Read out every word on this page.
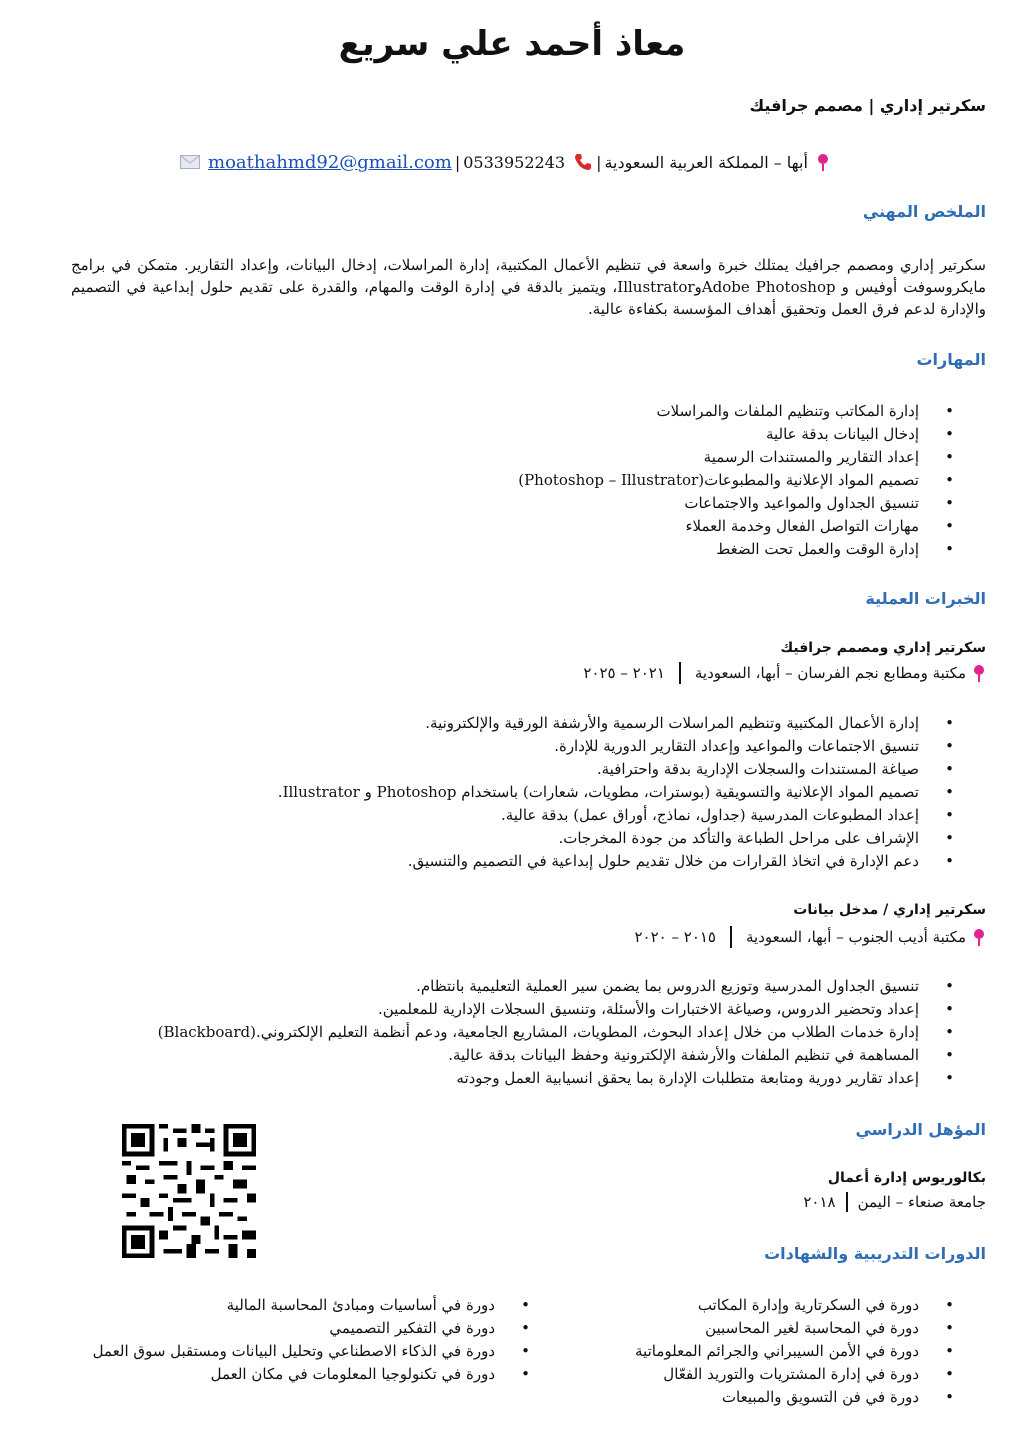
معاذ أحمد علي سريع
سكرتير إداري | مصمم جرافيك
أبها – المملكة العربية السعودية
|
0533952243
|
moathahmd92@gmail.com
الملخص المهني
سكرتير إداري ومصمم جرافيك يمتلك خبرة واسعة في تنظيم الأعمال المكتبية، إدارة المراسلات، إدخال البيانات، وإعداد التقارير. متمكن في برامج مايكروسوفت أوفيس و Adobe PhotoshopوIllustrator، ويتميز بالدقة في إدارة الوقت والمهام، والقدرة على تقديم حلول إبداعية في التصميم والإدارة لدعم فرق العمل وتحقيق أهداف المؤسسة بكفاءة عالية.
المهارات
• إدارة المكاتب وتنظيم الملفات والمراسلات
• إدخال البيانات بدقة عالية
• إعداد التقارير والمستندات الرسمية
• تصميم المواد الإعلانية والمطبوعات(Photoshop – Illustrator)
• تنسيق الجداول والمواعيد والاجتماعات
• مهارات التواصل الفعال وخدمة العملاء
• إدارة الوقت والعمل تحت الضغط
الخبرات العملية
سكرتير إداري ومصمم جرافيك
مكتبة ومطابع نجم الفرسان – أبها، السعودية
٢٠٢١ – ٢٠٢٥
• إدارة الأعمال المكتبية وتنظيم المراسلات الرسمية والأرشفة الورقية والإلكترونية.
• تنسيق الاجتماعات والمواعيد وإعداد التقارير الدورية للإدارة.
• صياغة المستندات والسجلات الإدارية بدقة واحترافية.
• تصميم المواد الإعلانية والتسويقية (بوسترات، مطويات، شعارات) باستخدام Photoshop و Illustrator.
• إعداد المطبوعات المدرسية (جداول، نماذج، أوراق عمل) بدقة عالية.
• الإشراف على مراحل الطباعة والتأكد من جودة المخرجات.
• دعم الإدارة في اتخاذ القرارات من خلال تقديم حلول إبداعية في التصميم والتنسيق.
سكرتير إداري / مدخل بيانات
مكتبة أديب الجنوب – أبها، السعودية
٢٠١٥ – ٢٠٢٠
• تنسيق الجداول المدرسية وتوزيع الدروس بما يضمن سير العملية التعليمية بانتظام.
• إعداد وتحضير الدروس، وصياغة الاختبارات والأسئلة، وتنسيق السجلات الإدارية للمعلمين.
• إدارة خدمات الطلاب من خلال إعداد البحوث، المطويات، المشاريع الجامعية، ودعم أنظمة التعليم الإلكتروني.(Blackboard)
• المساهمة في تنظيم الملفات والأرشفة الإلكترونية وحفظ البيانات بدقة عالية.
• إعداد تقارير دورية ومتابعة متطلبات الإدارة بما يحقق انسيابية العمل وجودته
المؤهل الدراسي
بكالوريوس إدارة أعمال
جامعة صنعاء – اليمن
٢٠١٨
الدورات التدريبية والشهادات
• دورة في السكرتارية وإدارة المكاتب
• دورة في المحاسبة لغير المحاسبين
• دورة في الأمن السيبراني والجرائم المعلوماتية
• دورة في إدارة المشتريات والتوريد الفعّال
• دورة في فن التسويق والمبيعات
• دورة في أساسيات ومبادئ المحاسبة المالية
• دورة في التفكير التصميمي
• دورة في الذكاء الاصطناعي وتحليل البيانات ومستقبل سوق العمل
• دورة في تكنولوجيا المعلومات في مكان العمل
